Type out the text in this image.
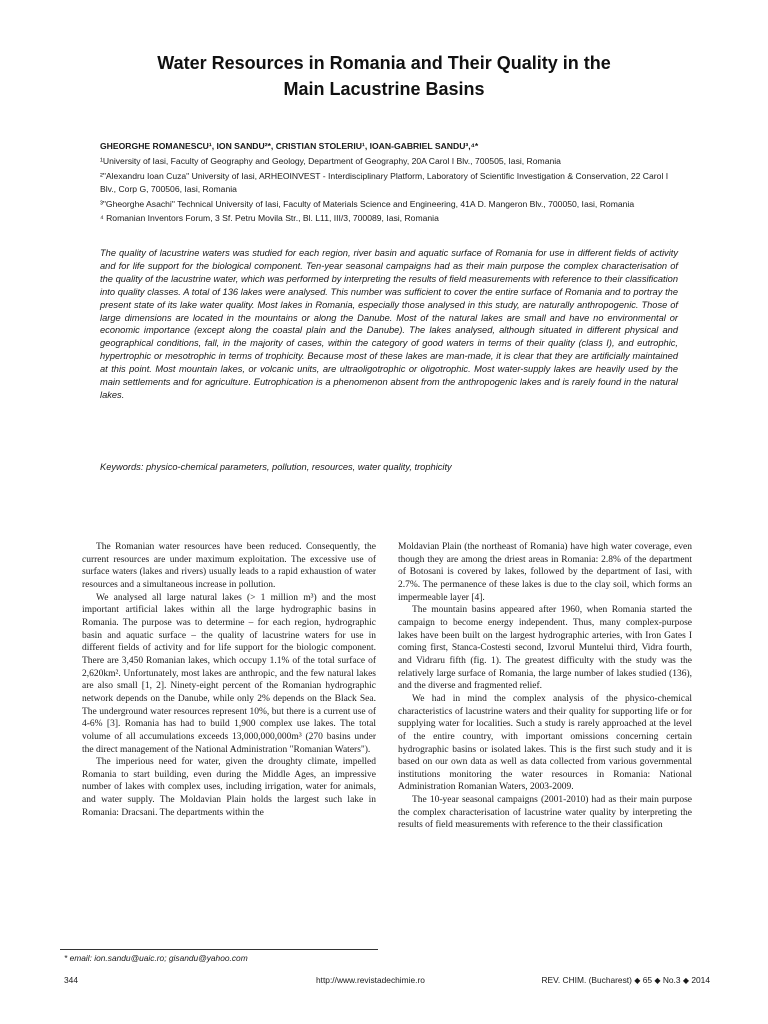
Water Resources in Romania and Their Quality in the
Main Lacustrine Basins
GHEORGHE ROMANESCU¹, ION SANDU²*, CRISTIAN STOLERIU¹, IOAN-GABRIEL SANDU³,⁴*

¹University of Iasi, Faculty of Geography and Geology, Department of Geography, 20A Carol I Blv., 700505, Iasi, Romania

²"Alexandru Ioan Cuza" University of Iasi, ARHEOINVEST - Interdisciplinary Platform, Laboratory of Scientific Investigation & Conservation, 22 Carol I Blv., Corp G, 700506, Iasi, Romania

³"Gheorghe Asachi" Technical University of Iasi, Faculty of Materials Science and Engineering, 41A D. Mangeron Blv., 700050, Iasi, Romania

⁴ Romanian Inventors Forum, 3 Sf. Petru Movila Str., Bl. L11, III/3, 700089, Iasi, Romania

The quality of lacustrine waters was studied for each region, river basin and aquatic surface of Romania for use in different fields of activity and for life support for the biological component. Ten-year seasonal campaigns had as their main purpose the complex characterisation of the quality of the lacustrine water, which was performed by interpreting the results of field measurements with reference to their classification into quality classes. A total of 136 lakes were analysed. This number was sufficient to cover the entire surface of Romania and to portray the present state of its lake water quality. Most lakes in Romania, especially those analysed in this study, are naturally anthropogenic. Those of large dimensions are located in the mountains or along the Danube. Most of the natural lakes are small and have no environmental or economic importance (except along the coastal plain and the Danube). The lakes analysed, although situated in different physical and geographical conditions, fall, in the majority of cases, within the category of good waters in terms of their quality (class I), and eutrophic, hypertrophic or mesotrophic in terms of trophicity. Because most of these lakes are man-made, it is clear that they are artificially maintained at this point. Most mountain lakes, or volcanic units, are ultraoligotrophic or oligotrophic. Most water-supply lakes are heavily used by the main settlements and for agriculture. Eutrophication is a phenomenon absent from the anthropogenic lakes and is rarely found in the natural lakes.

Keywords: physico-chemical parameters, pollution, resources, water quality, trophicity

The Romanian water resources have been reduced. Consequently, the current resources are under maximum exploitation. The excessive use of surface waters (lakes and rivers) usually leads to a rapid exhaustion of water resources and a simultaneous increase in pollution.

We analysed all large natural lakes (> 1 million m³) and the most important artificial lakes within all the large hydrographic basins in Romania. The purpose was to determine – for each region, hydrographic basin and aquatic surface – the quality of lacustrine waters for use in different fields of activity and for life support for the biologic component. There are 3,450 Romanian lakes, which occupy 1.1% of the total surface of 2,620km². Unfortunately, most lakes are anthropic, and the few natural lakes are also small [1, 2]. Ninety-eight percent of the Romanian hydrographic network depends on the Danube, while only 2% depends on the Black Sea. The underground water resources represent 10%, but there is a current use of 4-6% [3]. Romania has had to build 1,900 complex use lakes. The total volume of all accumulations exceeds 13,000,000,000m³ (270 basins under the direct management of the National Administration "Romanian Waters").

The imperious need for water, given the droughty climate, impelled Romania to start building, even during the Middle Ages, an impressive number of lakes with complex uses, including irrigation, water for animals, and water supply. The Moldavian Plain holds the largest such lake in Romania: Dracsani. The departments within the

Moldavian Plain (the northeast of Romania) have high water coverage, even though they are among the driest areas in Romania: 2.8% of the department of Botosani is covered by lakes, followed by the department of Iasi, with 2.7%. The permanence of these lakes is due to the clay soil, which forms an impermeable layer [4].

The mountain basins appeared after 1960, when Romania started the campaign to become energy independent. Thus, many complex-purpose lakes have been built on the largest hydrographic arteries, with Iron Gates I coming first, Stanca-Costesti second, Izvorul Muntelui third, Vidra fourth, and Vidraru fifth (fig. 1). The greatest difficulty with the study was the relatively large surface of Romania, the large number of lakes studied (136), and the diverse and fragmented relief.

We had in mind the complex analysis of the physico-chemical characteristics of lacustrine waters and their quality for supporting life or for supplying water for localities. Such a study is rarely approached at the level of the entire country, with important omissions concerning certain hydrographic basins or isolated lakes. This is the first such study and it is based on our own data as well as data collected from various governmental institutions monitoring the water resources in Romania: National Administration Romanian Waters, 2003-2009.

The 10-year seasonal campaigns (2001-2010) had as their main purpose the complex characterisation of lacustrine water quality by interpreting the results of field measurements with reference to the their classification

* email: ion.sandu@uaic.ro; gisandu@yahoo.com
344	http://www.revistadechimie.ro	REV. CHIM. (Bucharest) ◆ 65 ◆ No.3 ◆ 2014
